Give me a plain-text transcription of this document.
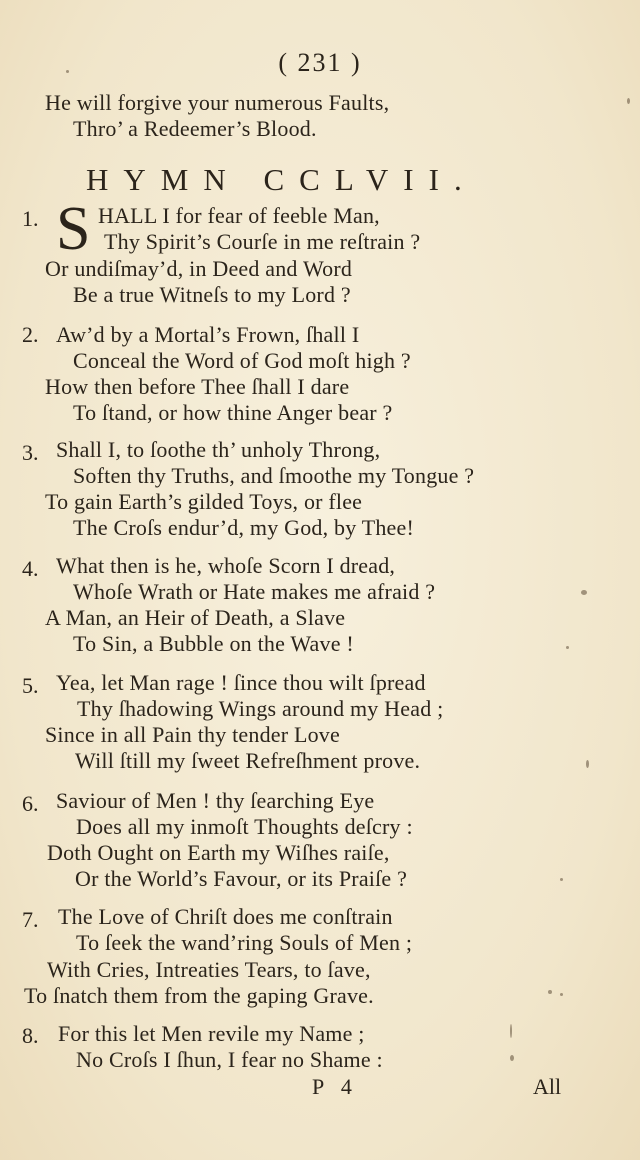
( 231 )
He will forgive your numerous Faults,
Thro’ a Redeemer’s Blood.
HYMN CCLVII.
1. S HALL I for fear of feeble Man,
Thy Spirit’s Courſe in me reſtrain ?
Or undiſmay’d, in Deed and Word
Be a true Witneſs to my Lord ?
2. Aw’d by a Mortal’s Frown, ſhall I
Conceal the Word of God moſt high ?
How then before Thee ſhall I dare
To ſtand, or how thine Anger bear ?
3. Shall I, to ſoothe th’ unholy Throng,
Soften thy Truths, and ſmoothe my Tongue ?
To gain Earth’s gilded Toys, or flee
The Croſs endur’d, my God, by Thee!
4. What then is he, whoſe Scorn I dread,
Whoſe Wrath or Hate makes me afraid ?
A Man, an Heir of Death, a Slave
To Sin, a Bubble on the Wave !
5. Yea, let Man rage ! ſince thou wilt ſpread
Thy ſhadowing Wings around my Head ;
Since in all Pain thy tender Love
Will ſtill my ſweet Refreſhment prove.
6. Saviour of Men ! thy ſearching Eye
Does all my inmoſt Thoughts deſcry :
Doth Ought on Earth my Wiſhes raiſe,
Or the World’s Favour, or its Praiſe ?
7. The Love of Chriſt does me conſtrain
To ſeek the wand’ring Souls of Men ;
With Cries, Intreaties Tears, to ſave,
To ſnatch them from the gaping Grave.
8. For this let Men revile my Name ;
No Croſs I ſhun, I fear no Shame :
P 4	All
